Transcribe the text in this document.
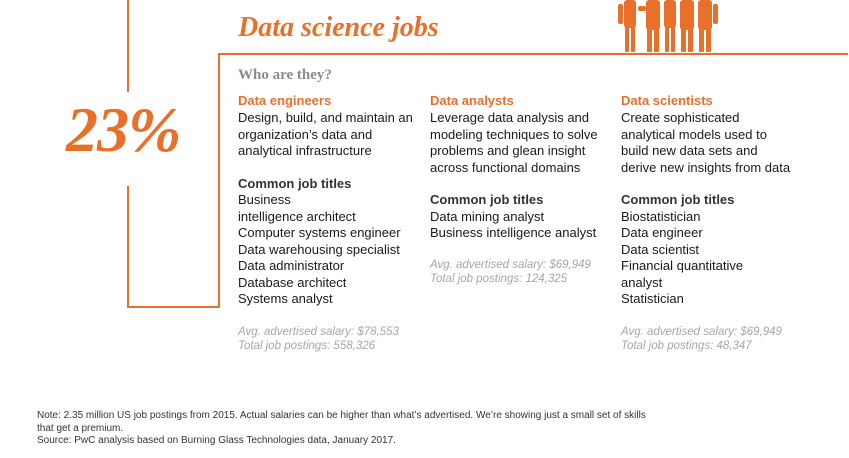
23%
Data science jobs
Who are they?
Data engineers
Design, build, and maintain an organization’s data and analytical infrastructure
Common job titles
Business intelligence architect
Computer systems engineer
Data warehousing specialist
Data administrator
Database architect
Systems analyst
Avg. advertised salary: $78,553
Total job postings: 558,326
Data analysts
Leverage data analysis and modeling techniques to solve problems and glean insight across functional domains
Common job titles
Data mining analyst
Business intelligence analyst
Avg. advertised salary: $69,949
Total job postings: 124,325
Data scientists
Create sophisticated analytical models used to build new data sets and derive new insights from data
Common job titles
Biostatistician
Data engineer
Data scientist
Financial quantitative analyst
Statistician
Avg. advertised salary: $69,949
Total job postings: 48,347
Note: 2.35 million US job postings from 2015. Actual salaries can be higher than what’s advertised. We’re showing just a small set of skills that get a premium.
Source: PwC analysis based on Burning Glass Technologies data, January 2017.
